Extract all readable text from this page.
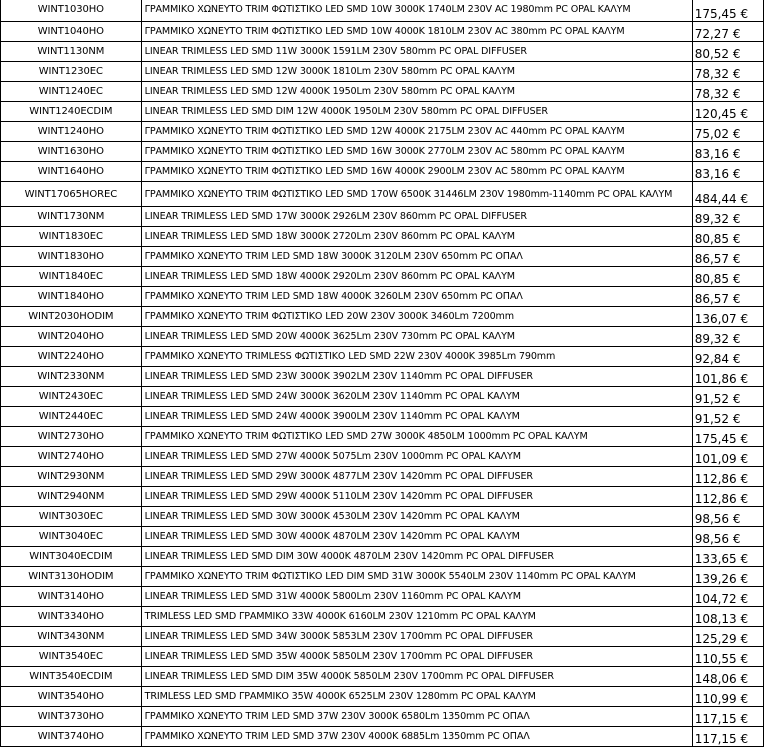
WINT1030HO	ΓΡΑΜΜΙΚΟ ΧΩΝΕΥΤΟ TRIM ΦΩΤΙΣΤΙΚΟ LED SMD 10W 3000K 1740LM 230V AC 1980mm PC OPAL ΚΑΛΥΜ	175,45 €
WINT1040HO	ΓΡΑΜΜΙΚΟ ΧΩΝΕΥΤΟ TRIM ΦΩΤΙΣΤΙΚΟ LED SMD 10W 4000K 1810LM 230V AC 380mm PC OPAL ΚΑΛΥΜ	72,27 €
WINT1130NM	LINEAR TRIMLESS LED SMD 11W 3000K 1591LM 230V 580mm PC OPAL DIFFUSER	80,52 €
WINT1230EC	LINEAR TRIMLESS LED SMD 12W 3000K 1810Lm 230V 580mm PC OPAL ΚΑΛΥΜ	78,32 €
WINT1240EC	LINEAR TRIMLESS LED SMD 12W 4000K 1950Lm 230V 580mm PC OPAL ΚΑΛΥΜ	78,32 €
WINT1240ECDIM	LINEAR TRIMLESS LED SMD DIM 12W 4000K 1950LM 230V 580mm PC OPAL DIFFUSER	120,45 €
WINT1240HO	ΓΡΑΜΜΙΚΟ ΧΩΝΕΥΤΟ TRIM ΦΩΤΙΣΤΙΚΟ LED SMD 12W 4000K 2175LM 230V AC 440mm PC OPAL ΚΑΛΥΜ	75,02 €
WINT1630HO	ΓΡΑΜΜΙΚΟ ΧΩΝΕΥΤΟ TRIM ΦΩΤΙΣΤΙΚΟ LED SMD 16W 3000K 2770LM 230V AC 580mm PC OPAL ΚΑΛΥΜ	83,16 €
WINT1640HO	ΓΡΑΜΜΙΚΟ ΧΩΝΕΥΤΟ TRIM ΦΩΤΙΣΤΙΚΟ LED SMD 16W 4000K 2900LM 230V AC 580mm PC OPAL ΚΑΛΥΜ	83,16 €
WINT17065HOREC	ΓΡΑΜΜΙΚΟ ΧΩΝΕΥΤΟ TRIM ΦΩΤΙΣΤΙΚΟ LED SMD 170W 6500K 31446LM 230V 1980mm-1140mm PC OPAL ΚΑΛΥΜ	484,44 €
WINT1730NM	LINEAR TRIMLESS LED SMD 17W 3000K 2926LM 230V 860mm PC OPAL DIFFUSER	89,32 €
WINT1830EC	LINEAR TRIMLESS LED SMD 18W 3000K 2720Lm 230V 860mm PC OPAL ΚΑΛΥΜ	80,85 €
WINT1830HO	ΓΡΑΜΜΙΚΟ ΧΩΝΕΥΤΟ TRIM LED SMD 18W 3000K 3120LM 230V 650mm PC ΟΠΑΛ	86,57 €
WINT1840EC	LINEAR TRIMLESS LED SMD 18W 4000K 2920Lm 230V 860mm PC OPAL ΚΑΛΥΜ	80,85 €
WINT1840HO	ΓΡΑΜΜΙΚΟ ΧΩΝΕΥΤΟ TRIM LED SMD 18W 4000K 3260LM 230V 650mm PC ΟΠΑΛ	86,57 €
WINT2030HODIM	ΓΡΑΜΜΙΚΟ ΧΩΝΕΥΤΟ TRIM ΦΩΤΙΣΤΙΚΟ LED 20W 230V 3000K 3460Lm 7200mm	136,07 €
WINT2040HO	LINEAR TRIMLESS LED SMD 20W 4000K 3625Lm 230V 730mm PC OPAL ΚΑΛΥΜ	89,32 €
WINT2240HO	ΓΡΑΜΜΙΚΟ ΧΩΝΕΥΤΟ TRIMLESS ΦΩΤΙΣΤΙΚΟ LED SMD 22W 230V 4000K 3985Lm 790mm	92,84 €
WINT2330NM	LINEAR TRIMLESS LED SMD 23W 3000K 3902LM 230V 1140mm PC OPAL DIFFUSER	101,86 €
WINT2430EC	LINEAR TRIMLESS LED SMD 24W 3000K 3620LM 230V 1140mm PC OPAL ΚΑΛΥΜ	91,52 €
WINT2440EC	LINEAR TRIMLESS LED SMD 24W 4000K 3900LM 230V 1140mm PC OPAL ΚΑΛΥΜ	91,52 €
WINT2730HO	ΓΡΑΜΜΙΚΟ ΧΩΝΕΥΤΟ TRIM ΦΩΤΙΣΤΙΚΟ LED SMD 27W 3000K 4850LM 1000mm PC OPAL ΚΑΛΥΜ	175,45 €
WINT2740HO	LINEAR TRIMLESS LED SMD 27W 4000K 5075Lm 230V 1000mm PC OPAL ΚΑΛΥΜ	101,09 €
WINT2930NM	LINEAR TRIMLESS LED SMD 29W 3000K 4877LM 230V 1420mm PC OPAL DIFFUSER	112,86 €
WINT2940NM	LINEAR TRIMLESS LED SMD 29W 4000K 5110LM 230V 1420mm PC OPAL DIFFUSER	112,86 €
WINT3030EC	LINEAR TRIMLESS LED SMD 30W 3000K 4530LM 230V 1420mm PC OPAL ΚΑΛΥΜ	98,56 €
WINT3040EC	LINEAR TRIMLESS LED SMD 30W 4000K 4870LM 230V 1420mm PC OPAL ΚΑΛΥΜ	98,56 €
WINT3040ECDIM	LINEAR TRIMLESS LED SMD DIM 30W 4000K 4870LM 230V 1420mm PC OPAL DIFFUSER	133,65 €
WINT3130HODIM	ΓΡΑΜΜΙΚΟ ΧΩΝΕΥΤΟ TRIM ΦΩΤΙΣΤΙΚΟ LED DIM SMD 31W 3000K 5540LM 230V 1140mm PC OPAL ΚΑΛΥΜ	139,26 €
WINT3140HO	LINEAR TRIMLESS LED SMD 31W 4000K 5800Lm 230V 1160mm PC OPAL ΚΑΛΥΜ	104,72 €
WINT3340HO	TRIMLESS LED SMD ΓΡΑΜΜΙΚΟ 33W 4000K 6160LM 230V 1210mm PC OPAL ΚΑΛΥΜ	108,13 €
WINT3430NM	LINEAR TRIMLESS LED SMD 34W 3000K 5853LM 230V 1700mm PC OPAL DIFFUSER	125,29 €
WINT3540EC	LINEAR TRIMLESS LED SMD 35W 4000K 5850LM 230V 1700mm PC OPAL DIFFUSER	110,55 €
WINT3540ECDIM	LINEAR TRIMLESS LED SMD DIM 35W 4000K 5850LM 230V 1700mm PC OPAL DIFFUSER	148,06 €
WINT3540HO	TRIMLESS LED SMD ΓΡΑΜΜΙΚΟ 35W 4000K 6525LM 230V 1280mm PC OPAL ΚΑΛΥΜ	110,99 €
WINT3730HO	ΓΡΑΜΜΙΚΟ ΧΩΝΕΥΤΟ TRIM LED SMD 37W 230V 3000K 6580Lm 1350mm PC ΟΠΑΛ	117,15 €
WINT3740HO	ΓΡΑΜΜΙΚΟ ΧΩΝΕΥΤΟ TRIM LED SMD 37W 230V 4000K 6885Lm 1350mm PC ΟΠΑΛ	117,15 €
